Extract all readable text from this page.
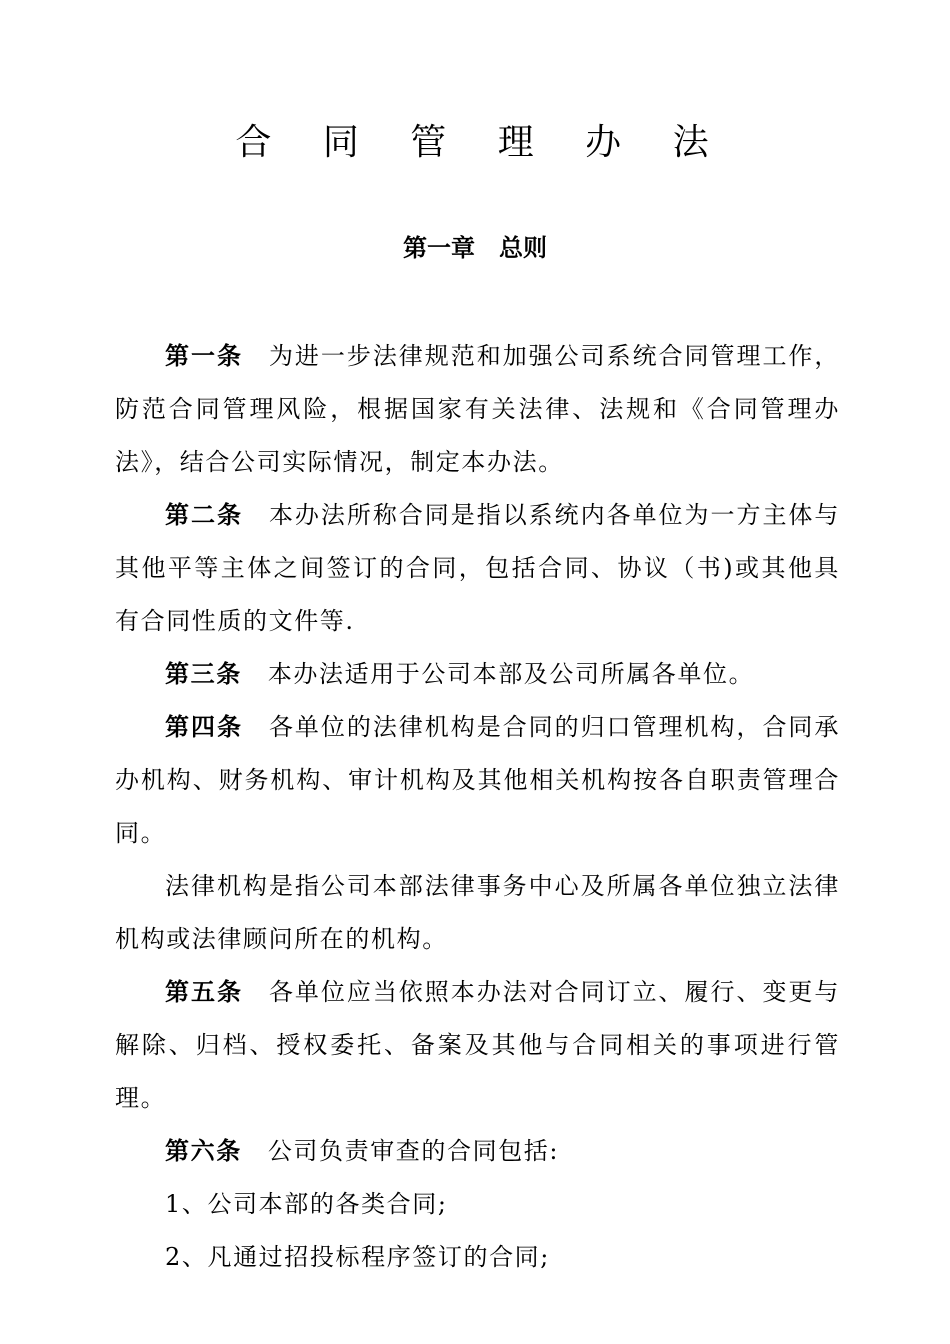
合 同 管 理 办 法
第一章 总则

第一条 为进一步法律规范和加强公司系统合同管理工作，防范合同管理风险，根据国家有关法律、法规和《合同管理办法》，结合公司实际情况，制定本办法。

第二条 本办法所称合同是指以系统内各单位为一方主体与其他平等主体之间签订的合同，包括合同、协议（书)或其他具有合同性质的文件等.

第三条 本办法适用于公司本部及公司所属各单位。

第四条 各单位的法律机构是合同的归口管理机构，合同承办机构、财务机构、审计机构及其他相关机构按各自职责管理合同。

法律机构是指公司本部法律事务中心及所属各单位独立法律机构或法律顾问所在的机构。

第五条 各单位应当依照本办法对合同订立、履行、变更与解除、归档、授权委托、备案及其他与合同相关的事项进行管理。

第六条 公司负责审查的合同包括:

1、公司本部的各类合同;

2、凡通过招投标程序签订的合同;
